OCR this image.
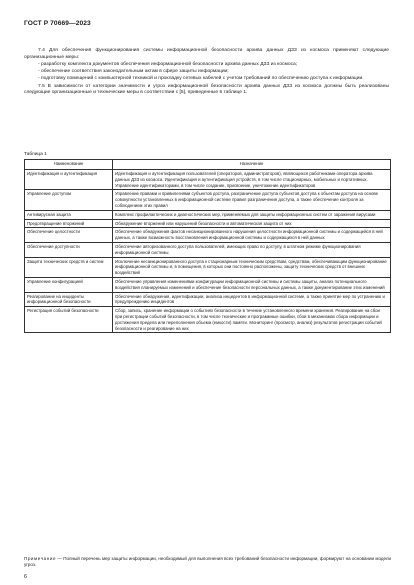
ГОСТ Р 70669—2023

7.4 Для обеспечения функционирования системы информационной безопасности архива данных ДЗЗ из космоса применяют следующие организационные меры:

- разработку комплекта документов обеспечения информационной безопасности архива данных ДЗЗ из космоса;

- обеспечение соответствия законодательным актам в сфере защиты информации;

- подготовку помещений с компьютерной техникой и прокладку сетевых кабелей с учетом требований по обеспечению доступа к информации.

7.5 В зависимости от категории значимости и угроз информационной безопасности архива данных ДЗЗ из космоса должны быть реализованы следующие организационные и технические меры в соответствии с [5], приведенные в таблице 1.

Таблица 1
Наименование	Назначение
Идентификация и аутентификация	Идентификация и аутентификация пользователей (операторов, администраторов), являющихся работниками оператора архива данных ДЗЗ из космоса. Идентификация и аутентификация устройств, в том числе стационарных, мобильных и портативных. Управление идентификаторами, в том числе создание, присвоение, уничтожение идентификаторов
Управление доступом	Управление правами и привилегиями субъектов доступа, разграничение доступа субъектов доступа к объектам доступа на основе совокупности установленных в информационной системе правил разграничения доступа, а также обеспечение контроля за соблюдением этих правил
Антивирусная защита	Комплекс профилактических и диагностических мер, применяемых для защиты информационных систем от заражения вирусами
Предотвращение вторжений	Обнаружение вторжений или нарушений безопасности и автоматическая защита от них
Обеспечение целостности	Обеспечение обнаружения фактов несанкционированного нарушения целостности информационной системы и содержащейся в ней данных, а также возможность восстановления информационной системы и содержащихся в ней данных
Обеспечение доступности	Обеспечение авторизованного доступа пользователей, имеющих право по доступу, в штатном режиме функционирования информационной системы
Защита технических средств и систем	Исключение несанкционированного доступа к стационарным техническим средствам, средствам, обеспечивающим функционирование информационной системы и, в помещения, в которых они постоянно расположены, защиту технических средств от внешних воздействий
Управление конфигурацией	Обеспечение управления изменениями конфигурации информационной системы и системы защиты, анализ потенциального воздействия планируемых изменений и обеспечение безопасности персональных данных, а также документирование этих изменений
Реагирование на инциденты информационной безопасности	Обеспечение обнаружения, идентификации, анализа инцидентов в информационной системе, а также принятие мер по устранению и предупреждению инцидентов
Регистрация событий безопасности	Сбор, запись, хранение информации о событиях безопасности в течение установленного времени хранения. Реагирование на сбои при регистрации событий безопасности, в том числе технические и программные ошибки, сбои в механизмах сбора информации и достижения предела или переполнения объема (емкости) памяти. Мониторинг (просмотр, анализ) результатов регистрации событий безопасности и реагирование на них
Примечание — Полный перечень мер защиты информации, необходимый для выполнения всех требований безопасности информации, формируют на основании модели угроз.
6
